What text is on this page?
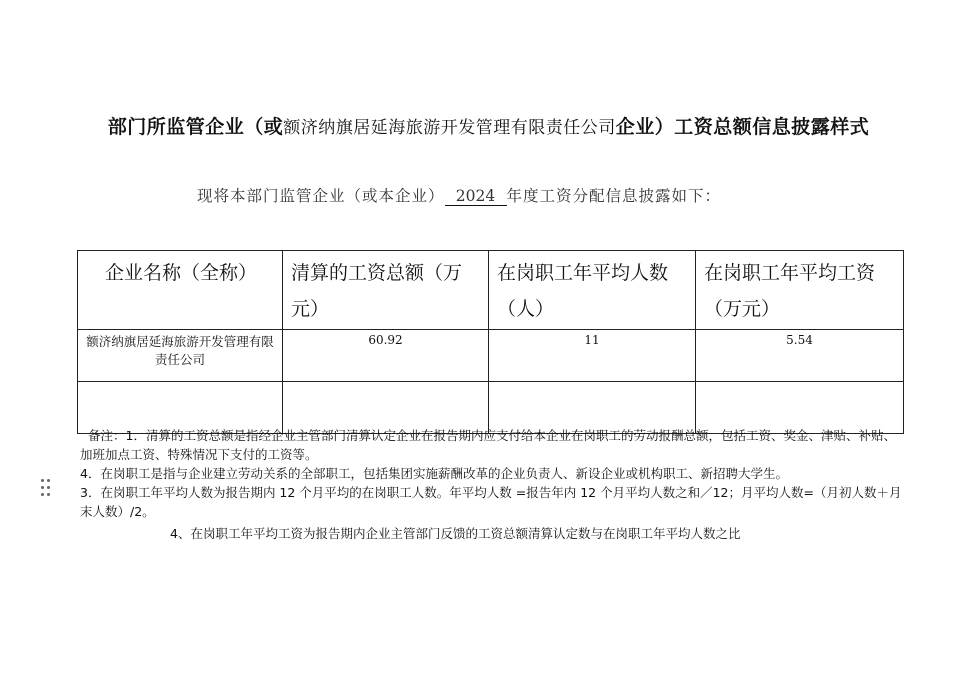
部门所监管企业（或额济纳旗居延海旅游开发管理有限责任公司企业）工资总额信息披露样式
现将本部门监管企业（或本企业） 2024 年度工资分配信息披露如下：
企业名称（全称）	清算的工资总额（万元）	在岗职工年平均人数（人）	在岗职工年平均工资（万元）
额济纳旗居延海旅游开发管理有限责任公司	60.92	11	5.54

备注：1．清算的工资总额是指经企业主管部门清算认定企业在报告期内应支付给本企业在岗职工的劳动报酬总额，包括工资、奖金、津贴、补贴、加班加点工资、特殊情况下支付的工资等。

4．在岗职工是指与企业建立劳动关系的全部职工，包括集团实施薪酬改革的企业负责人、新设企业或机构职工、新招聘大学生。

3．在岗职工年平均人数为报告期内 12 个月平均的在岗职工人数。年平均人数 =报告年内 12 个月平均人数之和／12；月平均人数=（月初人数＋月末人数）/2。

4、在岗职工年平均工资为报告期内企业主管部门反馈的工资总额清算认定数与在岗职工年平均人数之比
